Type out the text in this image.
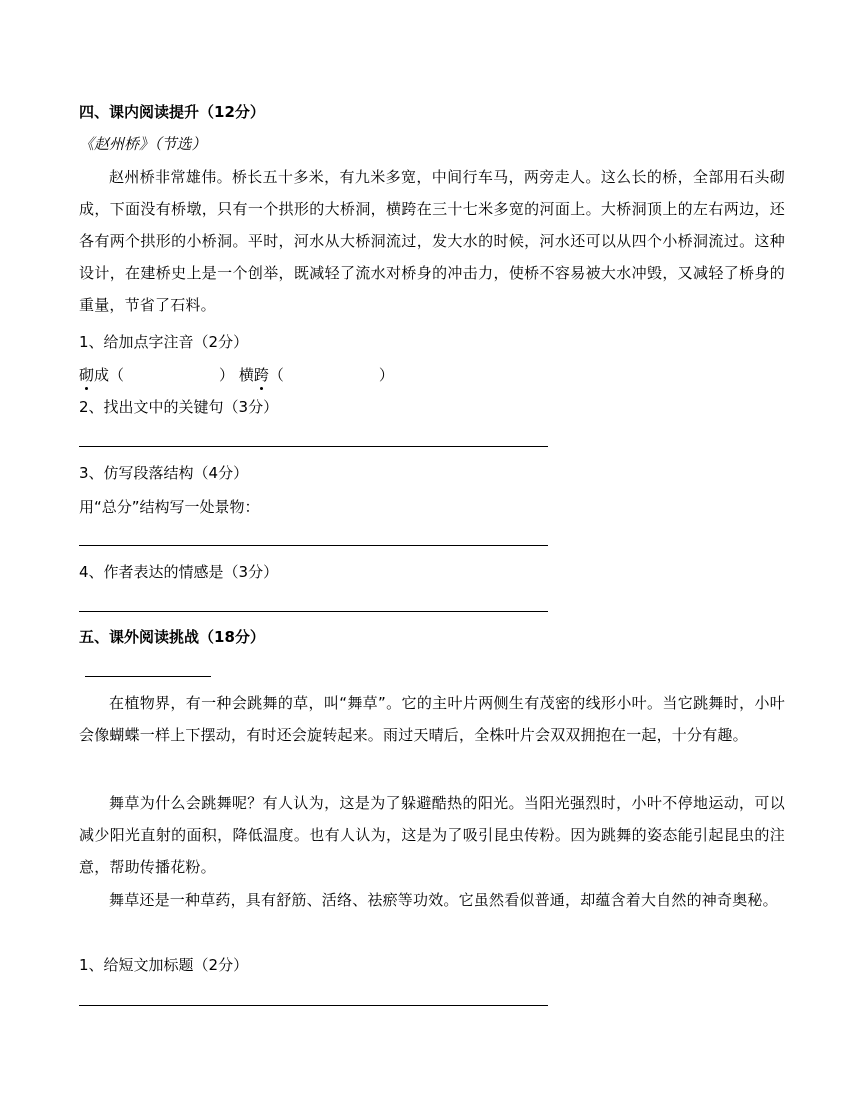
四、课内阅读提升（12分）
《赵州桥》（节选）
赵州桥非常雄伟。桥长五十多米，有九米多宽，中间行车马，两旁走人。这么长的桥，全部用石头砌成，下面没有桥墩，只有一个拱形的大桥洞，横跨在三十七米多宽的河面上。大桥洞顶上的左右两边，还各有两个拱形的小桥洞。平时，河水从大桥洞流过，发大水的时候，河水还可以从四个小桥洞流过。这种设计，在建桥史上是一个创举，既减轻了流水对桥身的冲击力，使桥不容易被大水冲毁，又减轻了桥身的重量，节省了石料。
1、给加点字注音（2分）
砌成（	） 横跨（	）
2、找出文中的关键句（3分）
3、仿写段落结构（4分）
用“总分”结构写一处景物：
4、作者表达的情感是（3分）
五、课外阅读挑战（18分）
在植物界，有一种会跳舞的草，叫“舞草”。它的主叶片两侧生有茂密的线形小叶。当它跳舞时，小叶会像蝴蝶一样上下摆动，有时还会旋转起来。雨过天晴后，全株叶片会双双拥抱在一起，十分有趣。
舞草为什么会跳舞呢？有人认为，这是为了躲避酷热的阳光。当阳光强烈时，小叶不停地运动，可以减少阳光直射的面积，降低温度。也有人认为，这是为了吸引昆虫传粉。因为跳舞的姿态能引起昆虫的注意，帮助传播花粉。
舞草还是一种草药，具有舒筋、活络、祛瘀等功效。它虽然看似普通，却蕴含着大自然的神奇奥秘。
1、给短文加标题（2分）
